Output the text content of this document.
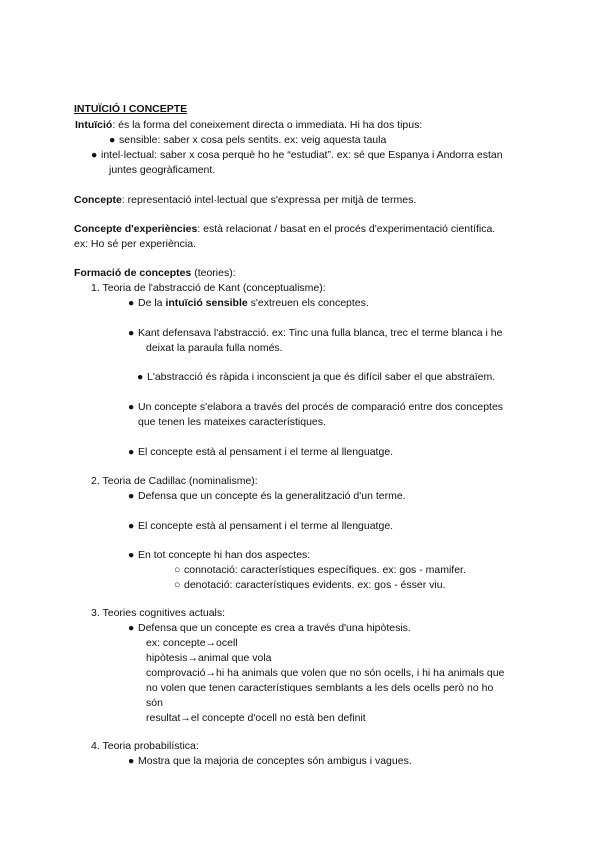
INTUÏCIÓ I CONCEPTE
Intuïció: és la forma del coneixement directa o immediata. Hi ha dos tipus:
● sensible: saber x cosa pels sentits. ex: veig aquesta taula
● intel·lectual: saber x cosa perquè ho he “estudiat”. ex: sé que Espanya i Andorra estan
juntes geogràficament.
Concepte: representació intel·lectual que s'expressa per mitjà de termes.
Concepte d'experiències: està relacionat / basat en el procés d'experimentació científica.
ex: Ho sé per experiència.
Formació de conceptes (teories):
1. Teoria de l'abstracció de Kant (conceptualisme):
● De la intuïció sensible s'extreuen els conceptes.
● Kant defensava l'abstracció. ex: Tinc una fulla blanca, trec el terme blanca i he
deixat la paraula fulla només.
● L'abstracció és ràpida i inconscient ja que és difícil saber el que abstraïem.
● Un concepte s'elabora a través del procés de comparació entre dos conceptes
que tenen les mateixes característiques.
● El concepte està al pensament i el terme al llenguatge.
2. Teoria de Cadillac (nominalisme):
● Defensa que un concepte és la generalització d'un terme.
● El concepte està al pensament i el terme al llenguatge.
● En tot concepte hi han dos aspectes:
○ connotació: característiques específiques. ex: gos - mamifer.
○ denotació: característiques evidents. ex: gos - ésser viu.
3. Teories cognitives actuals:
● Defensa que un concepte es crea a través d'una hipòtesis.
ex: concepte→ocell
hipòtesis→animal que vola
comprovació→hi ha animals que volen que no són ocells, i hi ha animals que
no volen que tenen característiques semblants a les dels ocells però no ho
són
resultat→el concepte d'ocell no està ben definit
4. Teoria probabilística:
● Mostra que la majoria de conceptes són ambigus i vagues.
